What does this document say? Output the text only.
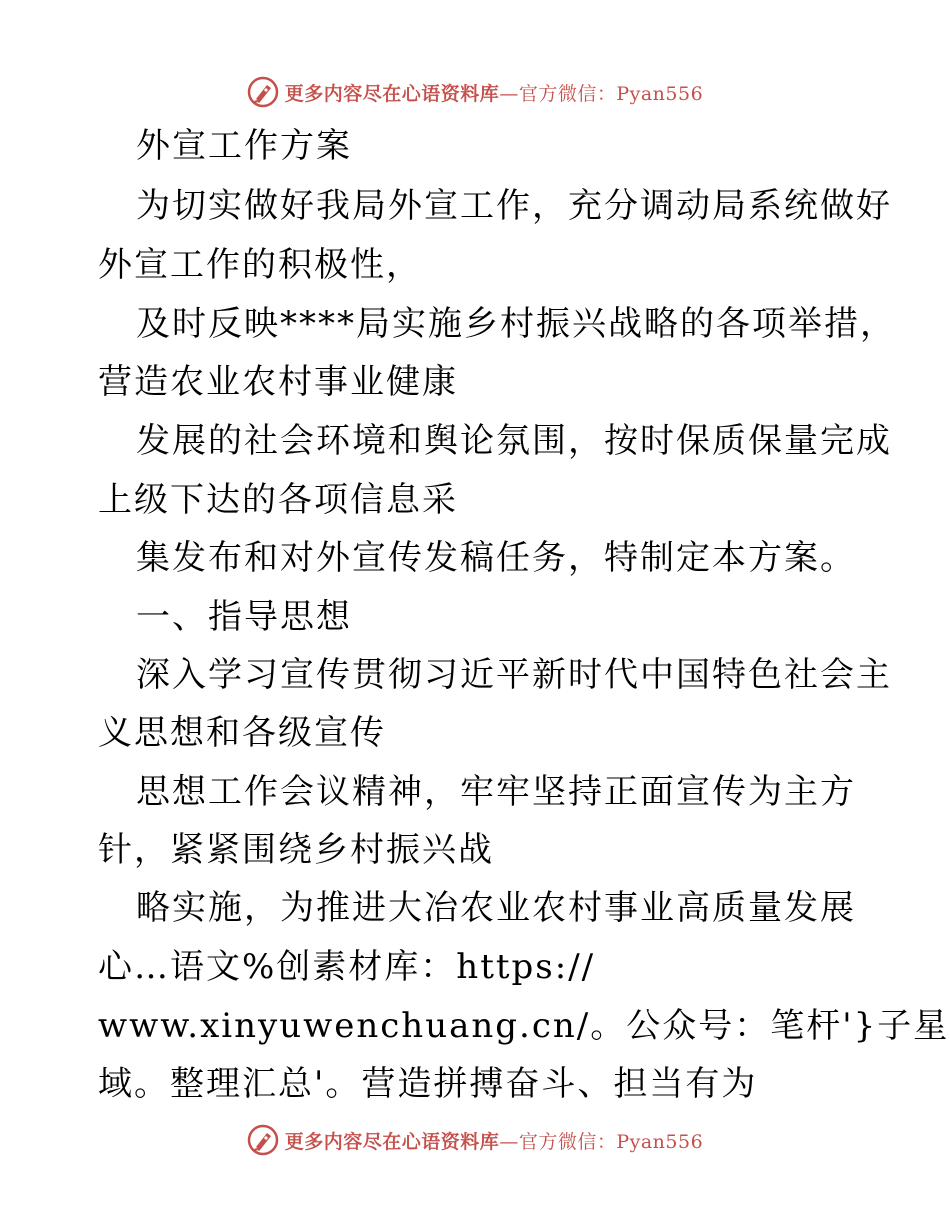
更多内容尽在心语资料库—官方微信：Pyan556
外宣工作方案
为切实做好我局外宣工作，充分调动局系统做好
外宣工作的积极性，
及时反映****局实施乡村振兴战略的各项举措，
营造农业农村事业健康
发展的社会环境和舆论氛围，按时保质保量完成
上级下达的各项信息采
集发布和对外宣传发稿任务，特制定本方案。
一、指导思想
深入学习宣传贯彻习近平新时代中国特色社会主
义思想和各级宣传
思想工作会议精神，牢牢坚持正面宣传为主方
针，紧紧围绕乡村振兴战
略实施，为推进大冶农业农村事业高质量发展
心…语文%创素材库：https://
www.xinyuwenchuang.cn/。公众号：笔杆'}子星
域。整理汇总'。营造拼搏奋斗、担当有为
更多内容尽在心语资料库—官方微信：Pyan556
